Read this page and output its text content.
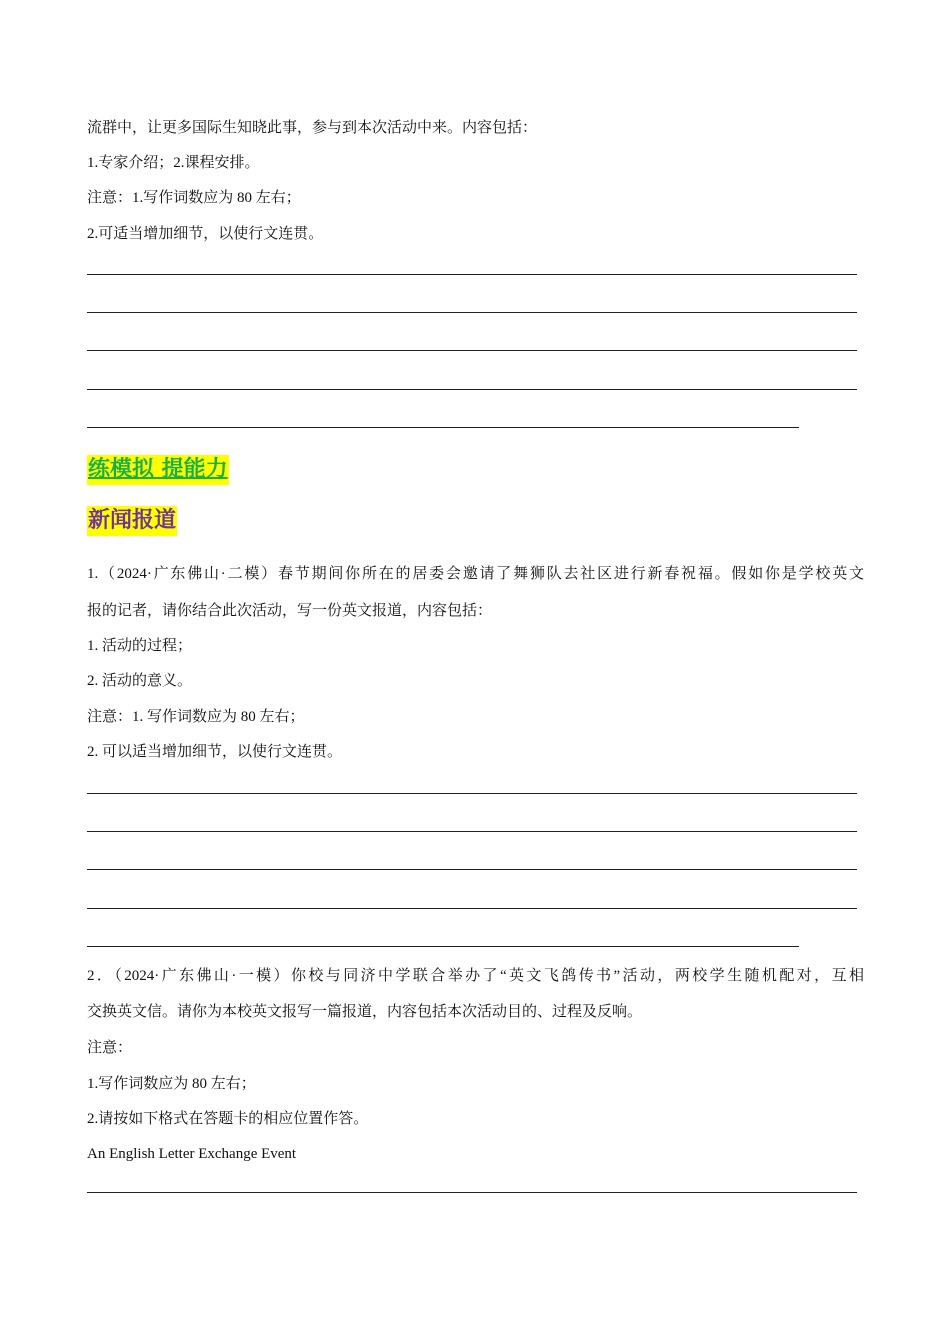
流群中，让更多国际生知晓此事，参与到本次活动中来。内容包括：
1.专家介绍；2.课程安排。
注意：1.写作词数应为 80 左右；
2.可适当增加细节，以使行文连贯。
练模拟 提能力
新闻报道
1.（2024·广东佛山·二模）春节期间你所在的居委会邀请了舞狮队去社区进行新春祝福。假如你是学校英文
报的记者，请你结合此次活动，写一份英文报道，内容包括：
1. 活动的过程；
2. 活动的意义。
注意：1. 写作词数应为 80 左右；
2. 可以适当增加细节，以使行文连贯。
2．（2024·广东佛山·一模）你校与同济中学联合举办了“英文飞鸽传书”活动，两校学生随机配对，互相
交换英文信。请你为本校英文报写一篇报道，内容包括本次活动目的、过程及反响。
注意：
1.写作词数应为 80 左右；
2.请按如下格式在答题卡的相应位置作答。
An English Letter Exchange Event
